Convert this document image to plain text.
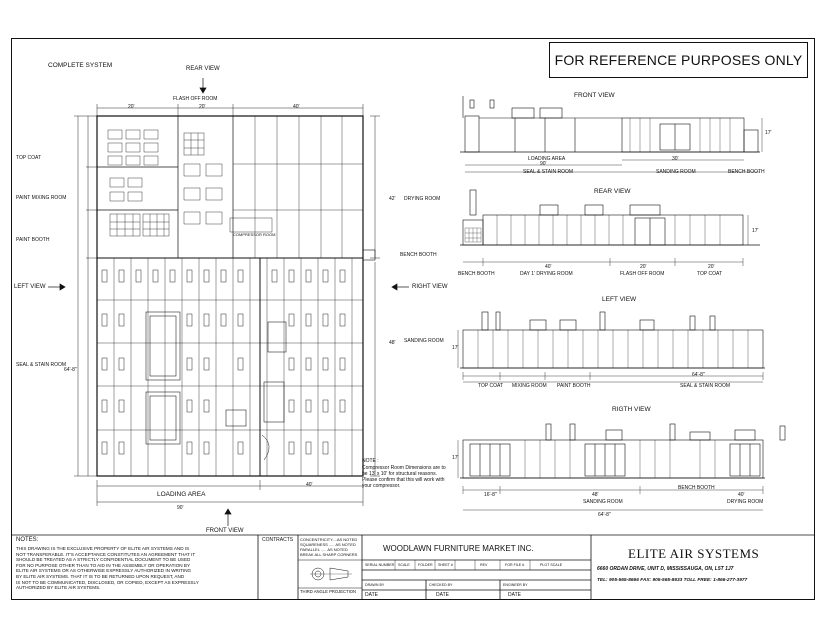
FOR REFERENCE PURPOSES ONLY
COMPLETE SYSTEM	REAR VIEW
FLASH OFF ROOM
COMPRESSOR ROOM
LOADING AREA
LEFT VIEW	RIGHT VIEW
FRONT VIEW
TOP COAT
PAINT MIXING ROOM
PAINT BOOTH
SEAL & STAIN ROOM
DRYING ROOM
BENCH BOOTH
SANDING ROOM
20'	20'	40'
64'-8"
42'
48'
40'
90'
NOTE :
Compressor Room Dimensions are to
be 13' x 10' for structural reasons.
Please confirm that this will work with
your compressor.
FRONT VIEW
LOADING AREA
SEAL & STAIN ROOM	SANDING ROOM	BENCH BOOTH
30'
90'
17'
REAR VIEW
BENCH BOOTH	DAY 1' DRYING ROOM	FLASH OFF ROOM	TOP COAT
40'	20'	20'
17'
LEFT VIEW
TOP COAT MIXING ROOM PAINT BOOTH	SEAL & STAIN ROOM
64'-8"
17'
RIGTH VIEW
BENCH BOOTH
SANDING ROOM	DRYING ROOM
16'-8"	48'	40'
64'-8"
17'
NOTES:
THIS DRAWING IS THE EXCLUSIVE PROPERTY OF ELITE AIR SYSTEMS AND IS
NOT TRANSFERABLE. IT'S ACCEPTANCE CONSTITUTES AN AGREEMENT THAT IT
SHOULD BE TREATED AS A STRICTLY CONFIDENTIAL DOCUMENT TO BE USED
FOR NO PURPOSE OTHER THAN TO AID IN THE ASSEMBLY OR OPERATION BY
ELITE AIR SYSTEMS OR AS OTHERWISE EXPRESSLY AUTHORIZED IN WRITING
BY ELITE AIR SYSTEMS. THAT IT IS TO BE RETURNED UPON REQUEST, AND
IS NOT TO BE COMMUNICATED, DISCLOSED, OR COPIED, EXCEPT AS EXPRESSLY
AUTHORIZED BY ELITE AIR SYSTEMS.
CONTRACTS CONCENTRICITY....AS NOTED
SQUARENESS ..... AS NOTED
PARALLEL ..... AS NOTED
BREAK ALL SHARP CORNERS
THIRD ANGLE PROJECTION
WOODLAWN FURNITURE MARKET INC.
SERIAL NUMBER SCALE FOLDER SHEET #	REV	FOR FILE #	PLOT SCALE
DRAWN BY	CHECKED BY	ENGINEER BY
DATE	DATE	DATE
ELITE AIR SYSTEMS
6660 ORDAN DRIVE, UNIT D, MISSISSAUGA, ON, L5T 1J7
TEL: 905-565-8666 FAX: 905-565-8633 TOLL FREE: 1-866-277-3977
